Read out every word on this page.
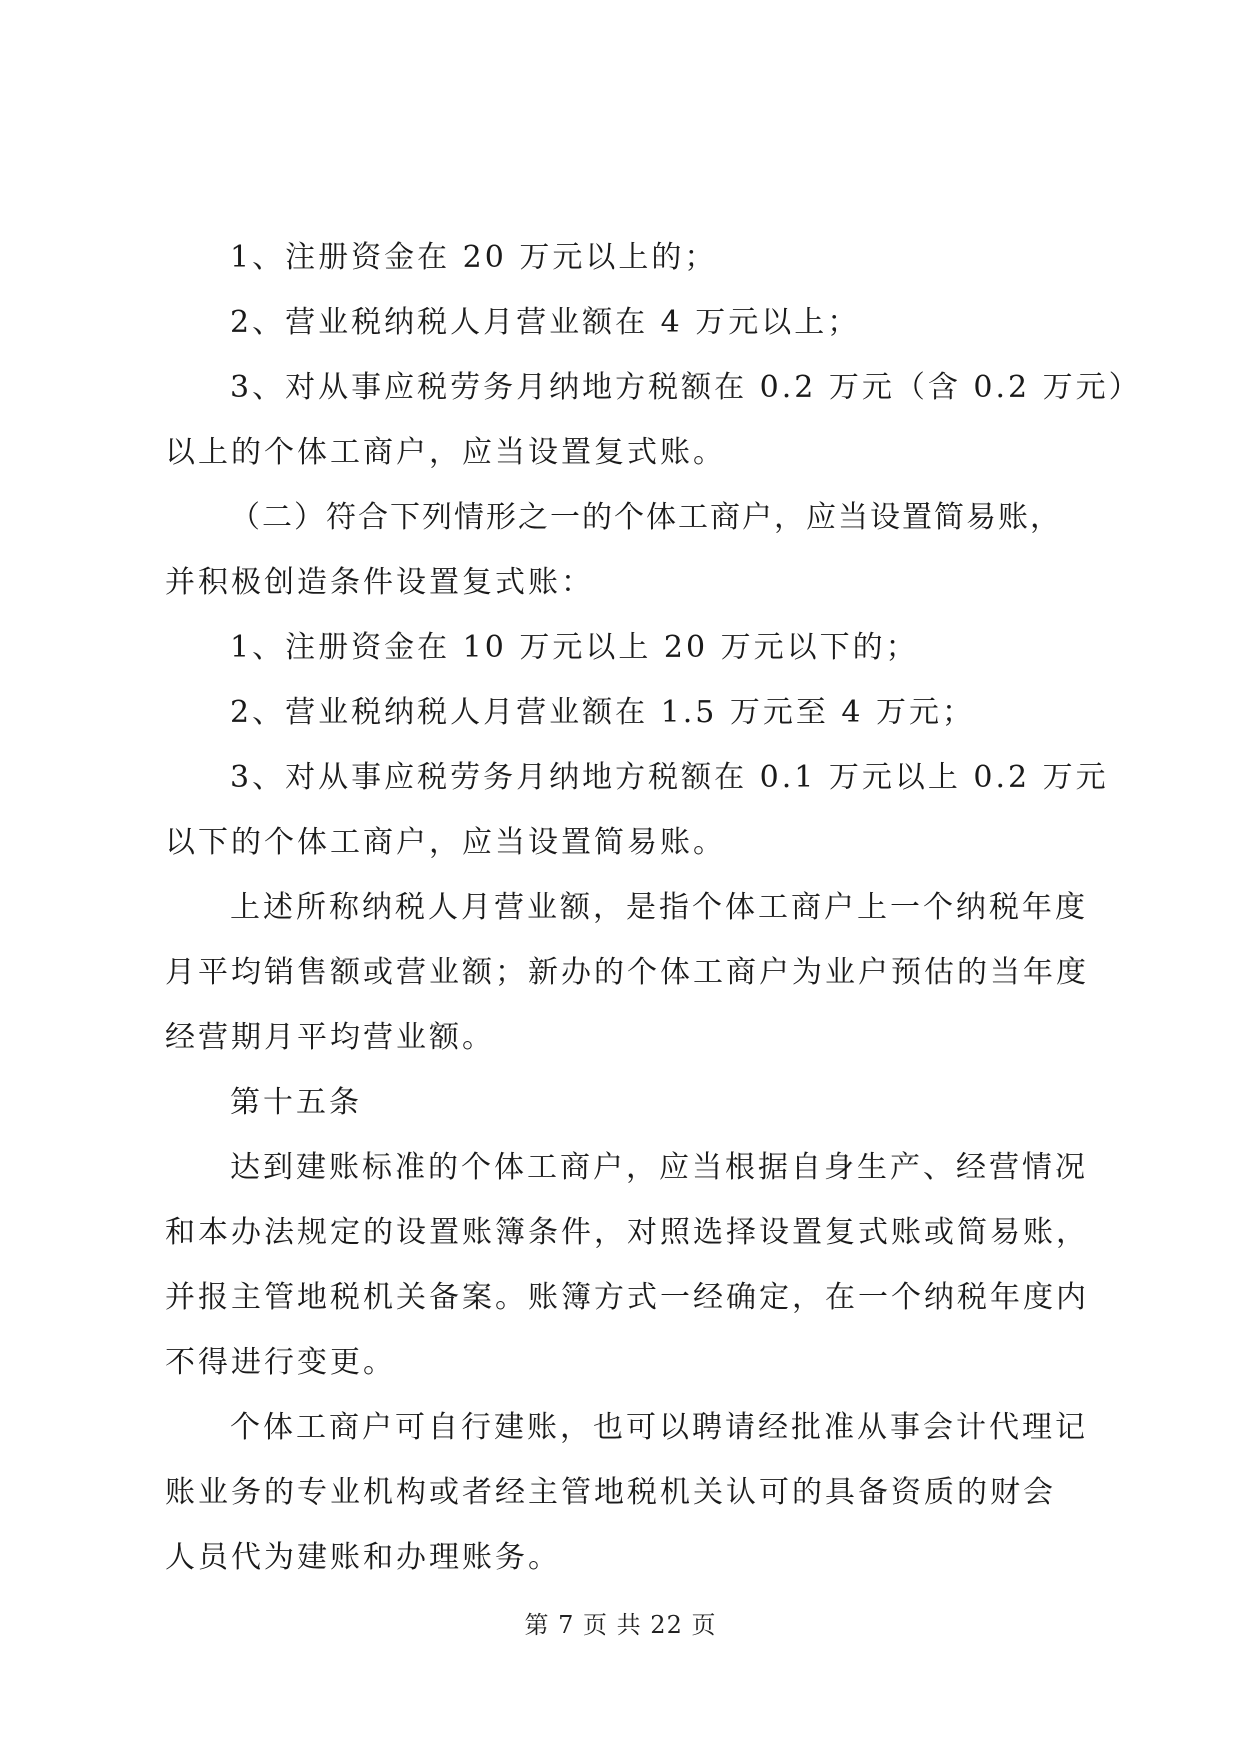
1、注册资金在 20 万元以上的；
2、营业税纳税人月营业额在 4 万元以上；
3、对从事应税劳务月纳地方税额在 0.2 万元（含 0.2 万元）
以上的个体工商户，应当设置复式账。
（二）符合下列情形之一的个体工商户，应当设置简易账，
并积极创造条件设置复式账：
1、注册资金在 10 万元以上 20 万元以下的；
2、营业税纳税人月营业额在 1.5 万元至 4 万元；
3、对从事应税劳务月纳地方税额在 0.1 万元以上 0.2 万元
以下的个体工商户，应当设置简易账。
上述所称纳税人月营业额，是指个体工商户上一个纳税年度
月平均销售额或营业额；新办的个体工商户为业户预估的当年度
经营期月平均营业额。
第十五条
达到建账标准的个体工商户，应当根据自身生产、经营情况
和本办法规定的设置账簿条件，对照选择设置复式账或简易账，
并报主管地税机关备案。账簿方式一经确定，在一个纳税年度内
不得进行变更。
个体工商户可自行建账，也可以聘请经批准从事会计代理记
账业务的专业机构或者经主管地税机关认可的具备资质的财会
人员代为建账和办理账务。
第 7 页 共 22 页
